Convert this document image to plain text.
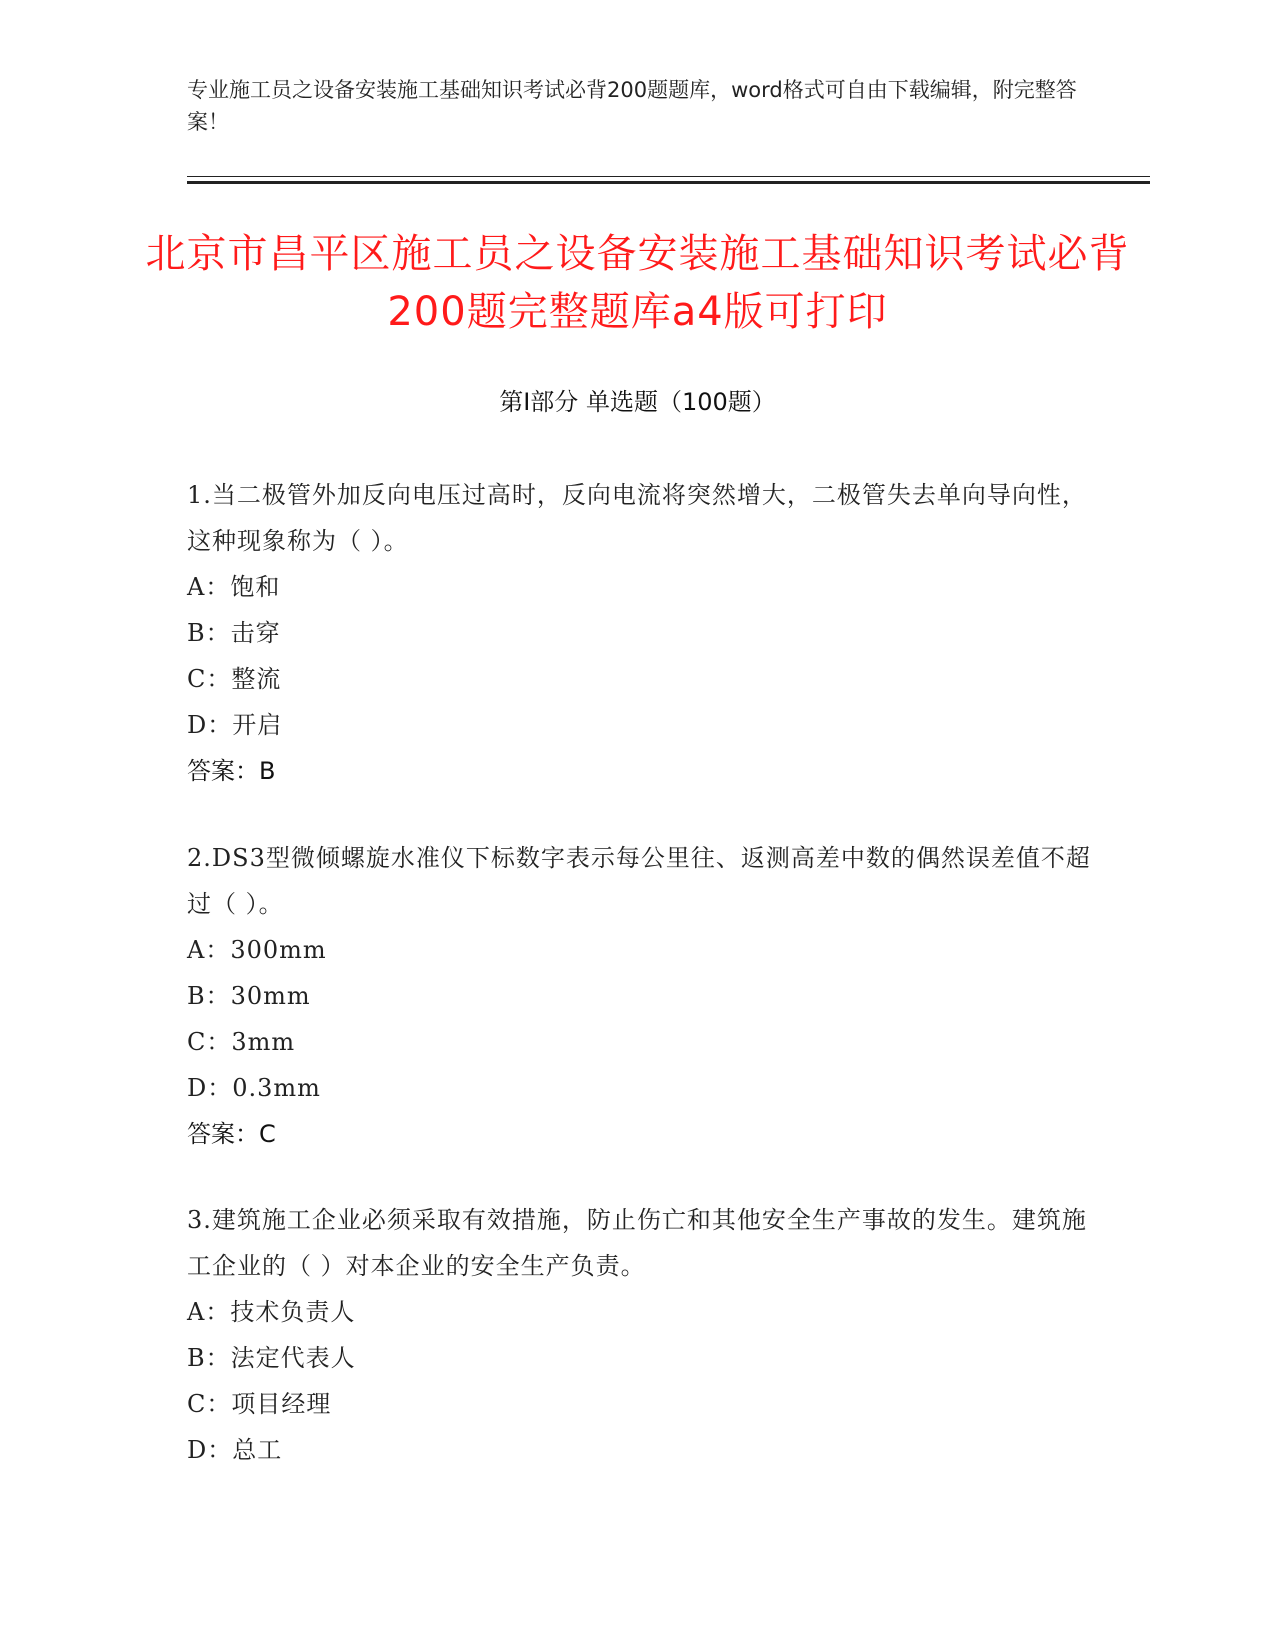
专业施工员之设备安装施工基础知识考试必背200题题库，word格式可自由下载编辑，附完整答案！
北京市昌平区施工员之设备安装施工基础知识考试必背200题完整题库a4版可打印
第I部分 单选题（100题）

1.当二极管外加反向电压过高时，反向电流将突然增大，二极管失去单向导向性，这种现象称为（ ）。

A：饱和

B：击穿

C：整流

D：开启

答案：B

2.DS3型微倾螺旋水准仪下标数字表示每公里往、返测高差中数的偶然误差值不超过（ ）。

A：300mm

B：30mm

C：3mm

D：0.3mm

答案：C

3.建筑施工企业必须采取有效措施，防止伤亡和其他安全生产事故的发生。建筑施工企业的（ ）对本企业的安全生产负责。

A：技术负责人

B：法定代表人

C：项目经理

D：总工
